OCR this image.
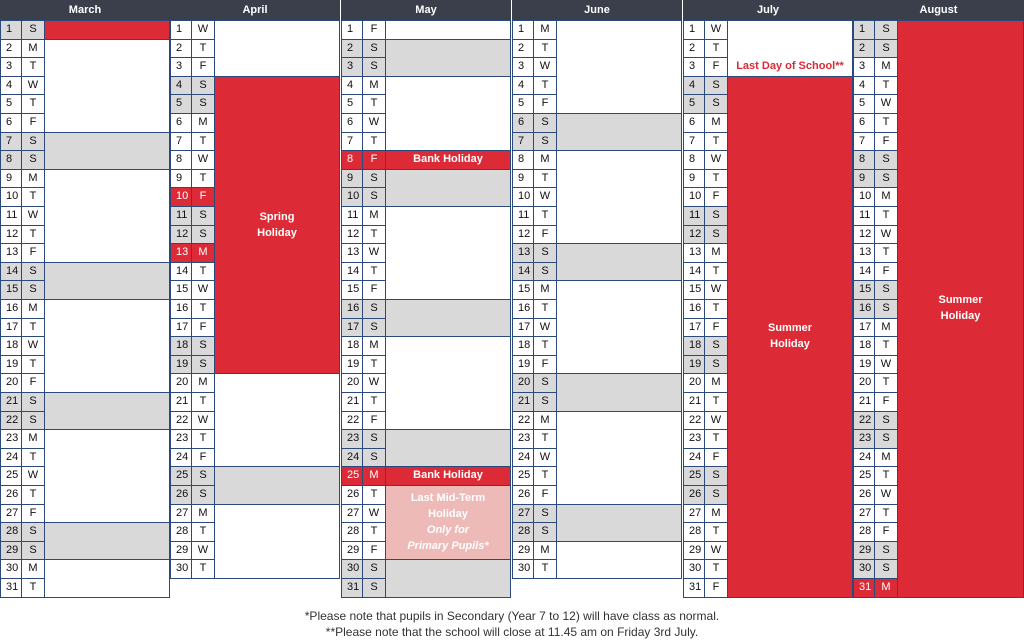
March
1	S
2	M
3	T
4	W
5	T
6	F
7	S
8	S
9	M
10	T
11 W
12	T
13	F
14	S
15	S
16 M
17	T
18 W
19	T
20	F
21	S
22	S
23 M
24	T
25 W
26	T
27	F
28	S
29	S
30 M
31	T
April
1	W
2	T
3	F
4	S
5	S
6	M
7	T
8	W
9	T
10	F
11	S
12	S
13 M
14	T
15 W
16	T
17	F
18	S
19	S
20 M
21	T
22 W
23	T
24	F
25	S
26	S
27 M
28	T
29 W
30	T
May
1	F
2	S
3	S
4	M
5	T
6	W
7	T
8	F
9	S
10	S
11 M
12	T
13 W
14	T
15	F
16	S
17	S
18 M
19	T
20 W
21	T
22	F
23	S
24	S
25 M
26	T
27 W
28	T
29	F
30	S
31	S
June
1	M
2	T
3	W
4	T
5	F
6	S
7	S
8	M
9	T
10 W
11	T
12	F
13	S
14	S
15 M
16	T
17 W
18	T
19	F
20	S
21	S
22 M
23	T
24 W
25	T
26	F
27	S
28	S
29 M
30	T
July
1	W
2	T
3	F
4	S
5	S
6	M
7	T
8	W
9	T
10	F
11	S
12	S
13 M
14	T
15 W
16	T
17	F
18	S
19	S
20 M
21	T
22 W
23	T
24	F
25	S
26	S
27 M
28	T
29 W
30	T
31	F
August
1	S
2	S
3	M
4	T
5	W
6	T
7	F
8	S
9	S
10 M
11	T
12 W
13	T
14	F
15	S
16	S
17 M
18	T
19 W
20	T
21	F
22	S
23	S
24 M
25	T
26 W
27	T
28	F
29	S
30	S
31 M
Spring
Holiday
Bank Holiday
Bank Holiday
Last Mid-Term
Holiday
Only for
Primary Pupils*
Last Day of School**
Summer
Holiday
Summer
Holiday
*Please note that pupils in Secondary (Year 7 to 12) will have class as normal.
**Please note that the school will close at 11.45 am on Friday 3rd July.
